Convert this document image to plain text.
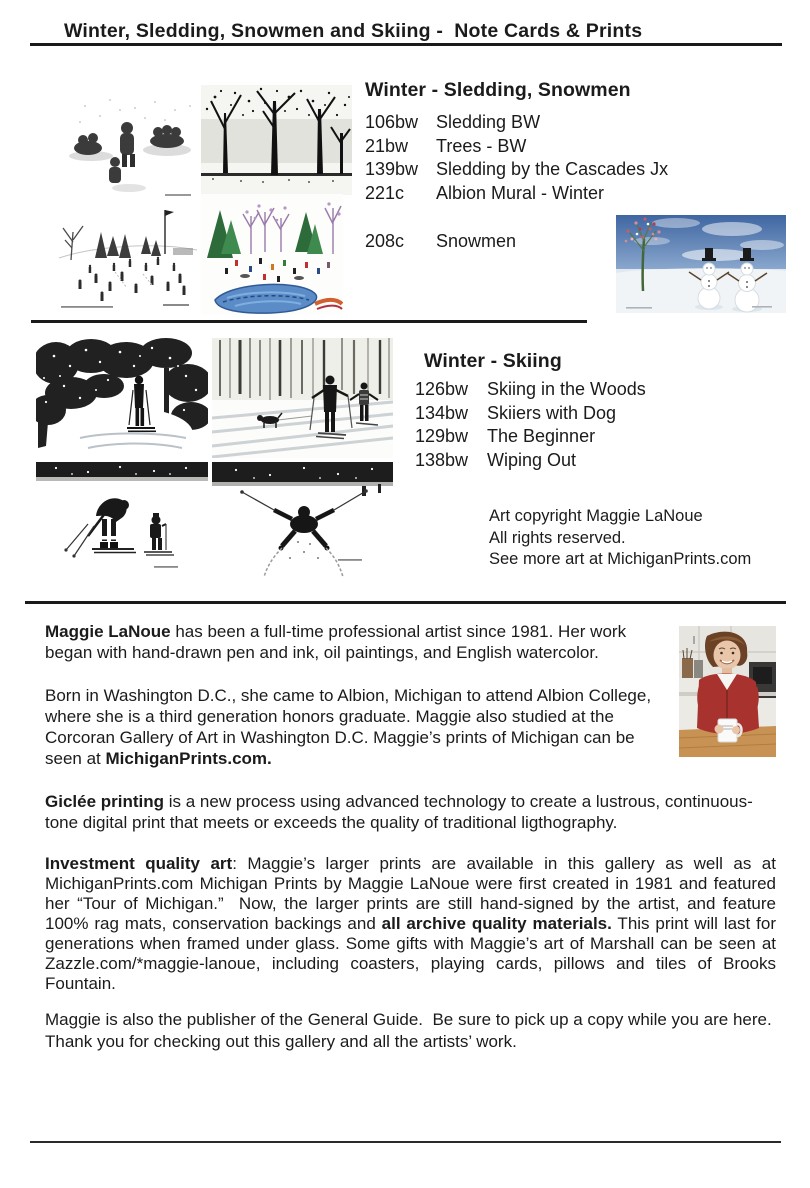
Winter, Sledding, Snowmen and Skiing -  Note Cards & Prints
Winter - Sledding, Snowmen
106bw Sledding BW
21bw	Trees - BW
139bw Sledding by the Cascades Jx
221c	Albion Mural - Winter
208c	Snowmen
Winter - Skiing
126bw	Skiing in the Woods
134bw	Skiiers with Dog
129bw	The Beginner
138bw	Wiping Out
Art copyright Maggie LaNoue
All rights reserved.
See more art at MichiganPrints.com

Maggie LaNoue has been a full-time professional artist since 1981. Her work began with hand-drawn pen and ink, oil paintings, and English watercolor.

Born in Washington D.C., she came to Albion, Michigan to attend Albion College, where she is a third generation honors graduate. Maggie also studied at the Corcoran Gallery of Art in Washington D.C. Maggie’s prints of Michigan can be seen at MichiganPrints.com.

Giclée printing is a new process using advanced technology to create a lustrous, continuous-tone digital print that meets or exceeds the quality of traditional ligthography.

Investment quality art: Maggie’s larger prints are available in this gallery as well as at MichiganPrints.com Michigan Prints by Maggie LaNoue were first created in 1981 and featured her “Tour of Michigan.”  Now, the larger prints are still hand-signed by the artist, and feature 100% rag mats, conservation backings and all archive quality materials. This print will last for generations when framed under glass. Some gifts with Maggie’s art of Marshall can be seen at Zazzle.com/*maggie-lanoue, including coasters, playing cards, pillows and tiles of Brooks Fountain.

Maggie is also the publisher of the General Guide.  Be sure to pick up a copy while you are here.  Thank you for checking out this gallery and all the artists’ work.
